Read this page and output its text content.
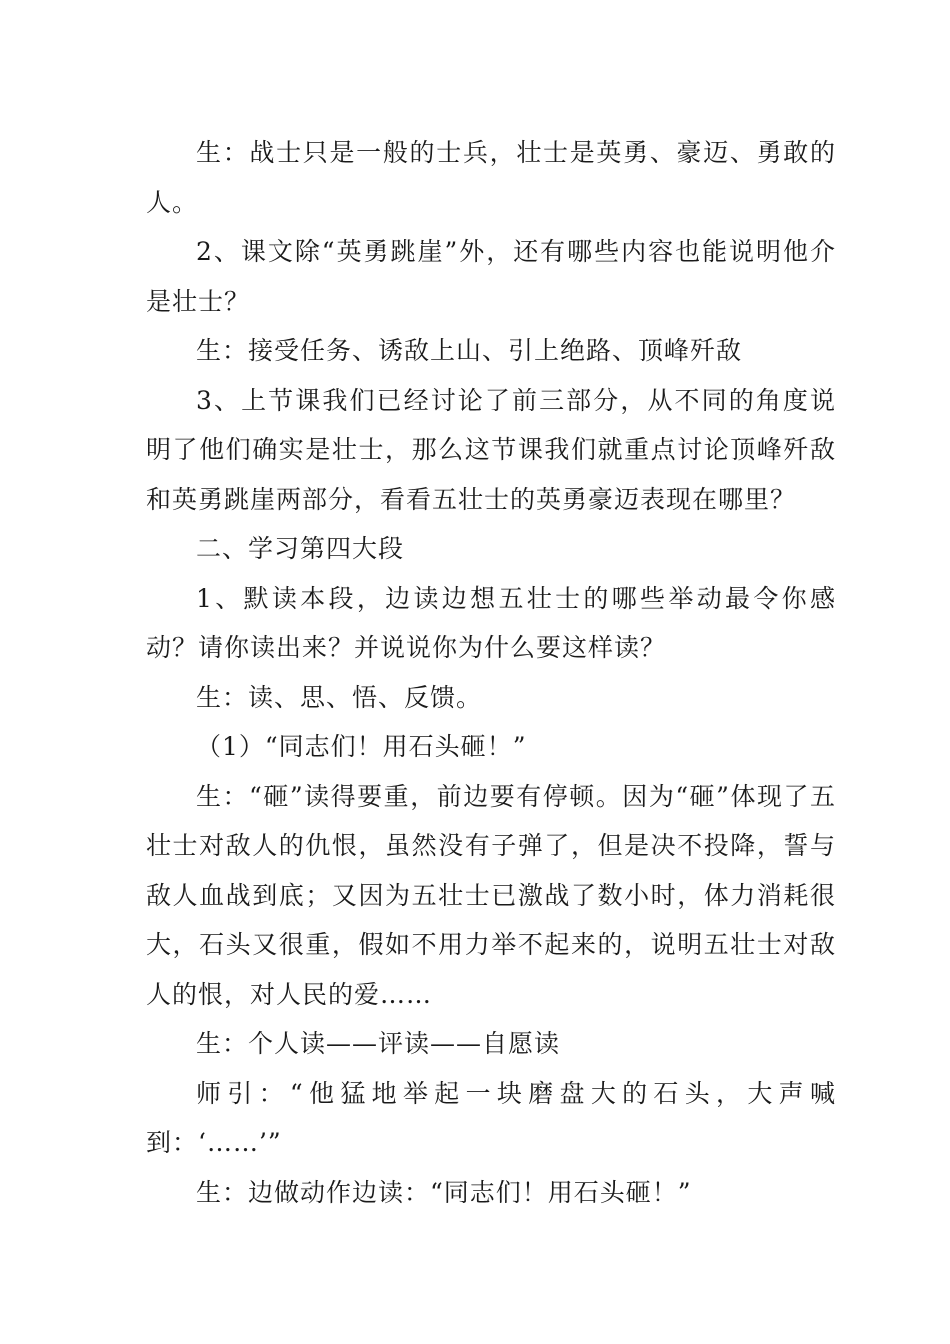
生：战士只是一般的士兵，壮士是英勇、豪迈、勇敢的人。

2、课文除“英勇跳崖”外，还有哪些内容也能说明他介是壮士？

生：接受任务、诱敌上山、引上绝路、顶峰歼敌

3、上节课我们已经讨论了前三部分，从不同的角度说明了他们确实是壮士，那么这节课我们就重点讨论顶峰歼敌和英勇跳崖两部分，看看五壮士的英勇豪迈表现在哪里？

二、学习第四大段

1、默读本段，边读边想五壮士的哪些举动最令你感动？请你读出来？并说说你为什么要这样读？

生：读、思、悟、反馈。

（1）“同志们！用石头砸！”

生：“砸”读得要重，前边要有停顿。因为“砸”体现了五壮士对敌人的仇恨，虽然没有子弹了，但是决不投降，誓与敌人血战到底；又因为五壮士已激战了数小时，体力消耗很大，石头又很重，假如不用力举不起来的，说明五壮士对敌人的恨，对人民的爱……

生：个人读——评读——自愿读

师引：“他猛地举起一块磨盘大的石头，大声喊到：‘……’”

生：边做动作边读：“同志们！用石头砸！”
